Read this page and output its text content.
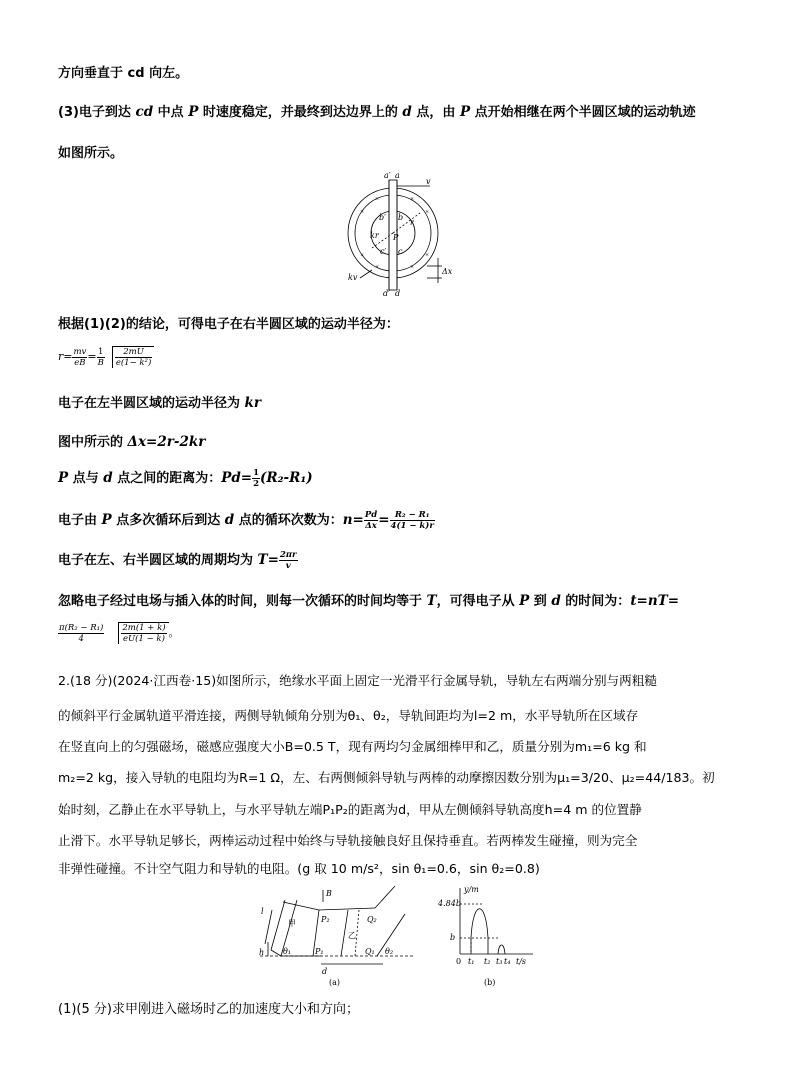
方向垂直于 cd 向左。
(3)电子到达 cd 中点 P 时速度稳定，并最终到达边界上的 d 点，由 P 点开始相继在两个半圆区域的运动轨迹
如图所示。
×	×
×	×
×	×
×	×
a′ a
v
b′ b
kr
r
P
c′ c
kv
Δx
d′ d
根据(1)(2)的结论，可得电子在右半圆区域的运动半径为：
$r= \frac{mv}{eB} = \frac{1}{B} \frac{2mU}{\text{e(1− k²)}}$
电子在左半圆区域的运动半径为 kr
图中所示的 Δx=2r-2kr
P 点与 d 点之间的距离为：$Pd= \frac{1}{2} (R_2-R_1)$
电子由 P 点多次循环后到达 d 点的循环次数为：$n= \frac{Pd}{\Delta x} = \frac{\text{R₂ − R₁}}{4(1 - k)r}$
电子在左、右半圆区域的周期均为 $T= \frac{2\pi r}{v}$
忽略电子经过电场与插入体的时间，则每一次循环的时间均等于 T，可得电子从 P 到 d 的时间为：t=nT=
$\frac{\text{π(R₂ − R₁)}}{4}$
$\frac{2m(1 + k)}{eU(1 - k)}$ 。
2.(18 分)(2024·江西卷·15)如图所示，绝缘水平面上固定一光滑平行金属导轨，导轨左右两端分别与两粗糙
的倾斜平行金属轨道平滑连接，两侧导轨倾角分别为θ₁、θ₂，导轨间距均为l=2 m，水平导轨所在区域存
在竖直向上的匀强磁场，磁感应强度大小B=0.5 T，现有两均匀金属细棒甲和乙，质量分别为m₁=6 kg 和
m₂=2 kg，接入导轨的电阻均为R=1 Ω，左、右两侧倾斜导轨与两棒的动摩擦因数分别为μ₁=3/20、μ₂=44/183。初
始时刻，乙静止在水平导轨上，与水平导轨左端P₁P₂的距离为d，甲从左侧倾斜导轨高度h=4 m 的位置静
止滑下。水平导轨足够长，两棒运动过程中始终与导轨接触良好且保持垂直。若两棒发生碰撞，则为完全
非弹性碰撞。不计空气阻力和导轨的电阻。(g 取 10 m/s²，sin θ₁=0.6，sin θ₂=0.8)
B
l
甲	P₂	Q₂
乙
h θ₁	P₁	Q₁ θ₂
d
(a)
y/m
4.84b
b
0 t₁ t₂ t₃ t₄ t/s
(b)
(1)(5 分)求甲刚进入磁场时乙的加速度大小和方向；
